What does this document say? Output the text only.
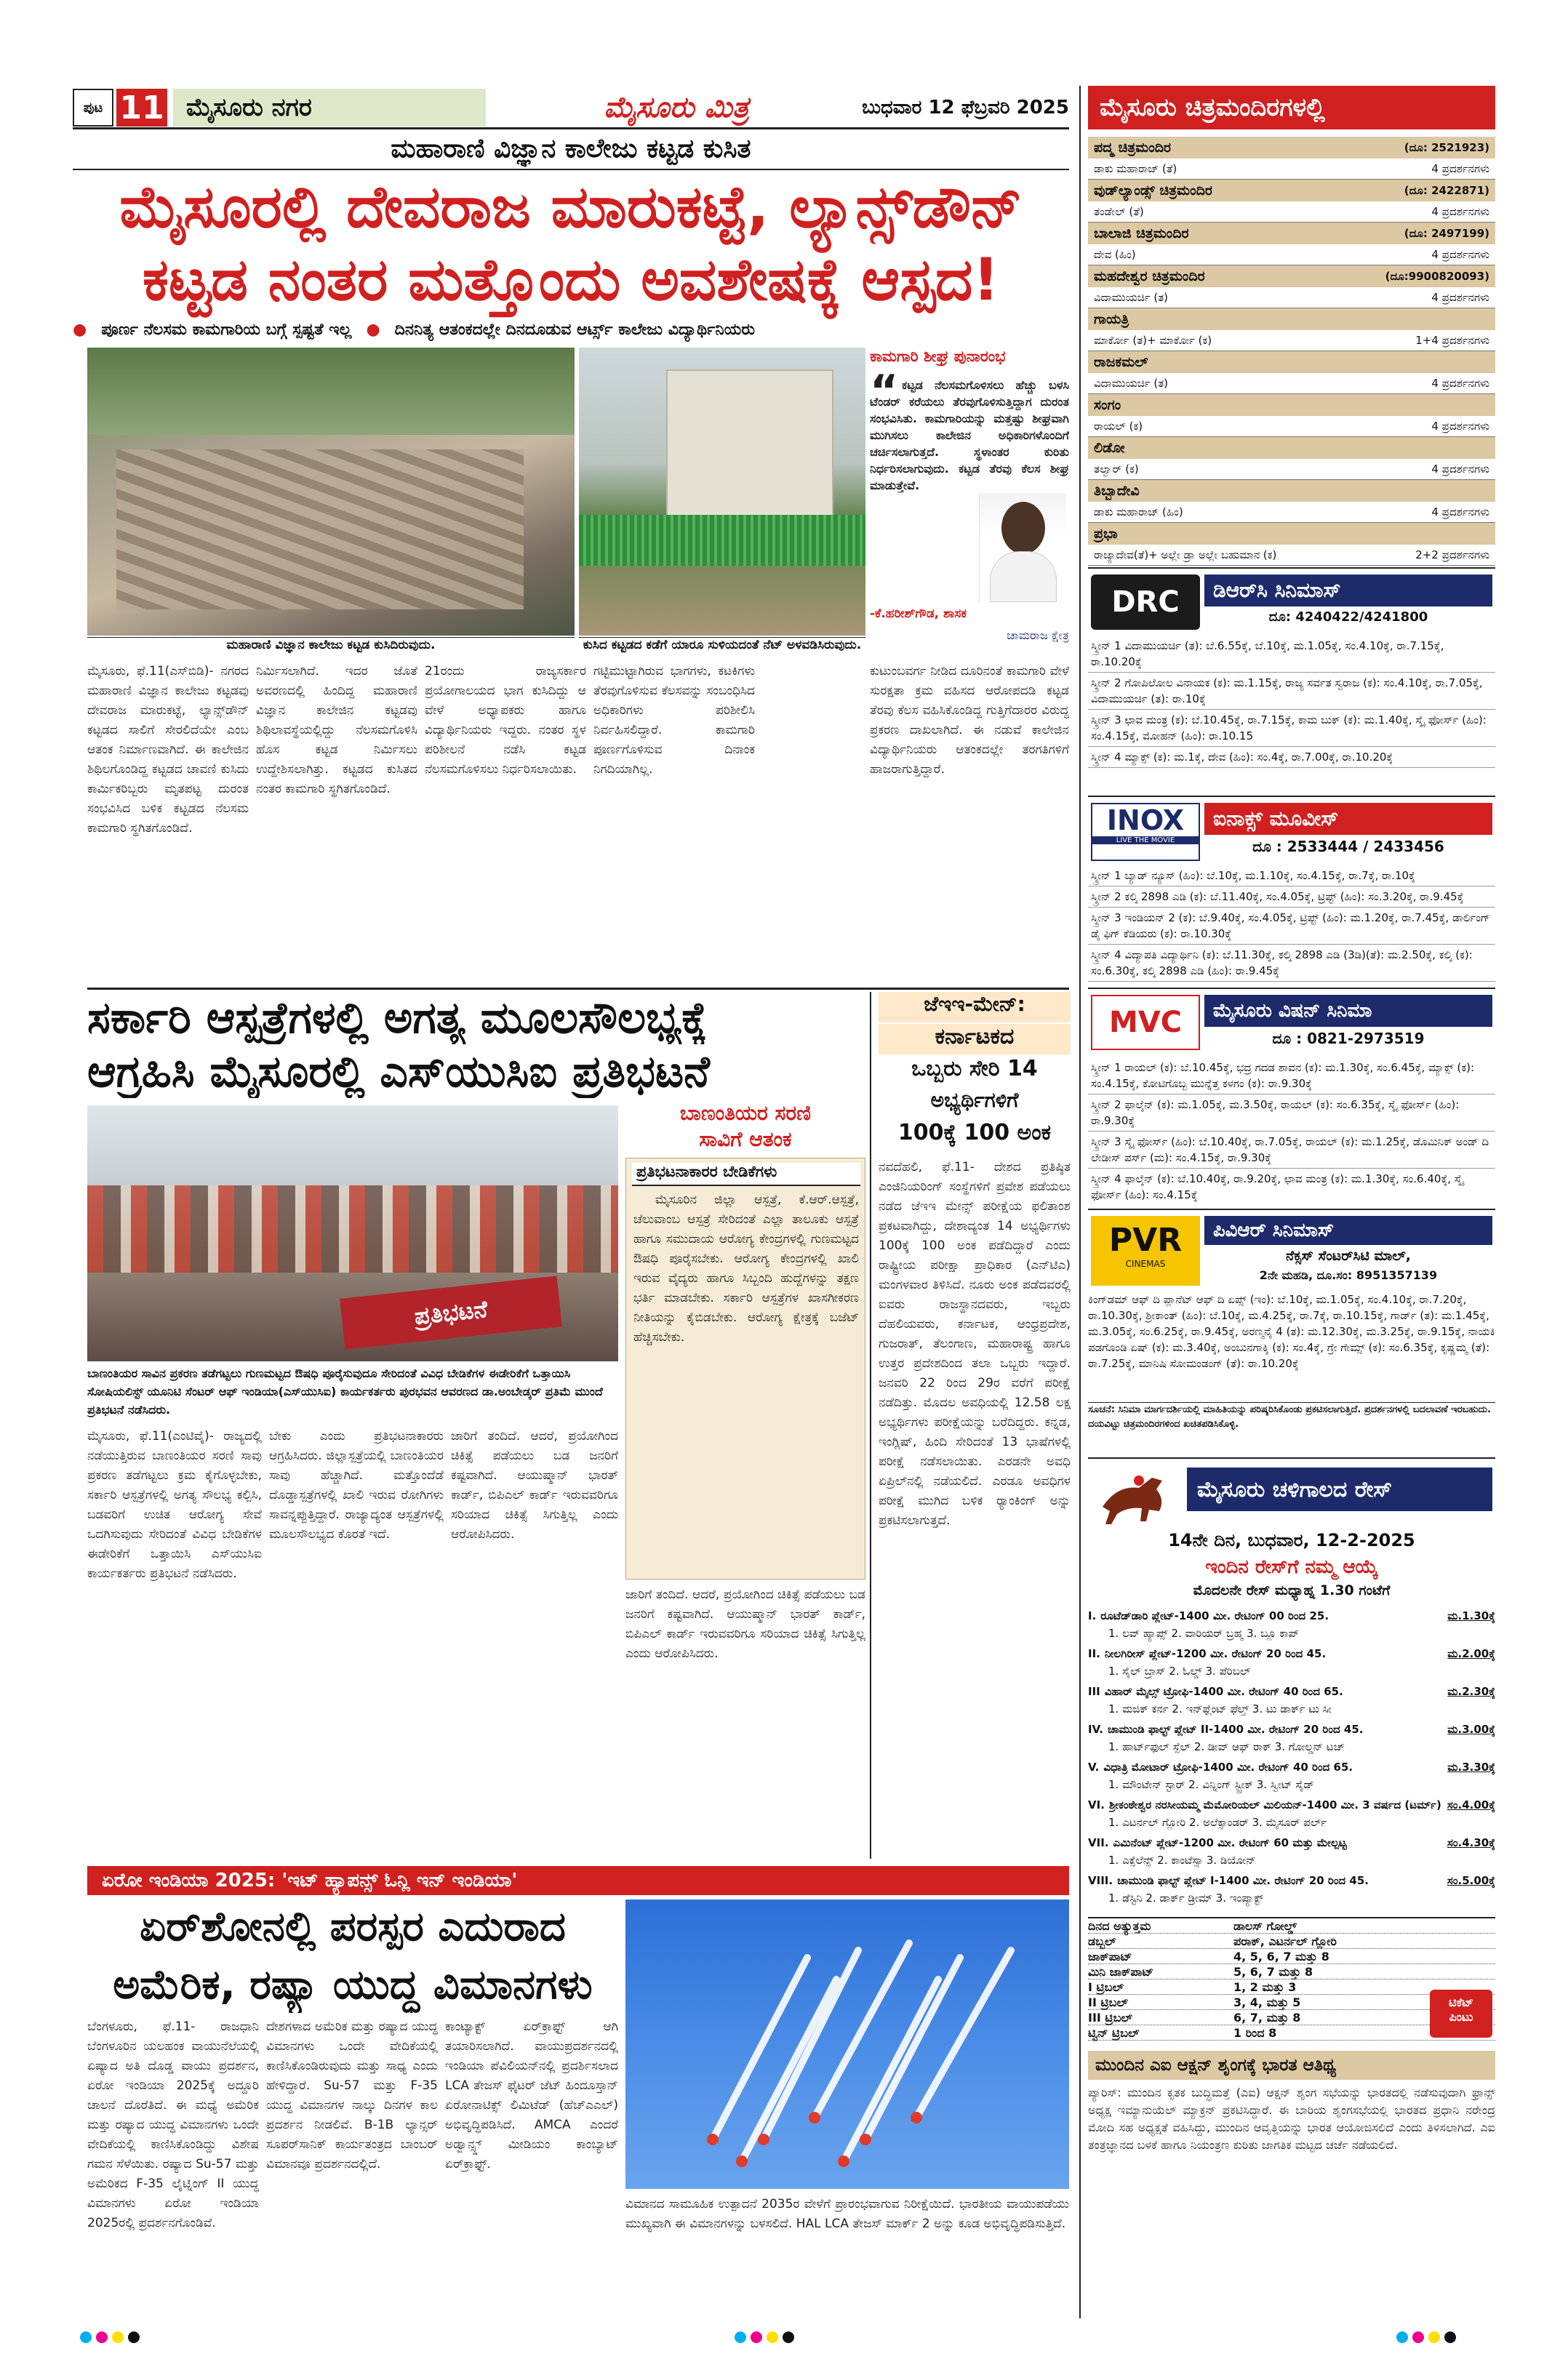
ಪುಟ 11 ಮೈಸೂರು ನಗರ	ಮೈಸೂರು ಮಿತ್ರ	ಬುಧವಾರ 12 ಫೆಬ್ರವರಿ 2025
ಮಹಾರಾಣಿ ವಿಜ್ಞಾನ ಕಾಲೇಜು ಕಟ್ಟಡ ಕುಸಿತ
ಮೈಸೂರಲ್ಲಿ ದೇವರಾಜ ಮಾರುಕಟ್ಟೆ, ಲ್ಯಾನ್ಸ್‌ಡೌನ್
ಕಟ್ಟಡ ನಂತರ ಮತ್ತೊಂದು ಅವಶೇಷಕ್ಕೆ ಆಸ್ಪದ!
● ಪೂರ್ಣ ನೆಲಸಮ ಕಾಮಗಾರಿಯ ಬಗ್ಗೆ ಸ್ಪಷ್ಟತೆ ಇಲ್ಲ ● ದಿನನಿತ್ಯ ಆತಂಕದಲ್ಲೇ ದಿನದೂಡುವ ಆರ್ಟ್ಸ್ ಕಾಲೇಜು ವಿದ್ಯಾರ್ಥಿನಿಯರು
ಮಹಾರಾಣಿ ವಿಜ್ಞಾನ ಕಾಲೇಜು ಕಟ್ಟಡ ಕುಸಿದಿರುವುದು.	ಕುಸಿದ ಕಟ್ಟಡದ ಕಡೆಗೆ ಯಾರೂ ಸುಳಿಯದಂತೆ ನೆಟ್ ಅಳವಡಿಸಿರುವುದು.
ಕಾಮಗಾರಿ ಶೀಘ್ರ ಪುನಾರಂಭ
“ ಕಟ್ಟಡ ನೆಲಸಮಗೊಳಿಸಲು ಹೆಚ್ಚು ಬಳಸಿ ಟೆಂಡರ್ ಕರೆಯಲು ತೆರವುಗೊಳಿಸುತ್ತಿದ್ದಾಗ ದುರಂತ ಸಂಭವಿಸಿತು. ಕಾಮಗಾರಿಯನ್ನು ಮತ್ತಷ್ಟು ಶೀಘ್ರವಾಗಿ ಮುಗಿಸಲು ಕಾಲೇಜಿನ ಅಧಿಕಾರಿಗಳೊಂದಿಗೆ ಚರ್ಚಿಸಲಾಗುತ್ತದೆ. ಸ್ಥಳಾಂತರ ಕುರಿತು ನಿರ್ಧರಿಸಲಾಗುವುದು. ಕಟ್ಟಡ ತೆರವು ಕೆಲಸ ಶೀಘ್ರ ಮಾಡುತ್ತೇವೆ.

-ಕೆ.ಹರೀಶ್‌ಗೌಡ, ಶಾಸಕ
ಚಾಮರಾಜ ಕ್ಷೇತ್ರ

ಮೈಸೂರು, ಫೆ.11(ಎಸ್‌ಬಿಡಿ)- ನಗರದ ಮಹಾರಾಣಿ ವಿಜ್ಞಾನ ಕಾಲೇಜು ಕಟ್ಟಡವು ದೇವರಾಜ ಮಾರುಕಟ್ಟೆ, ಲ್ಯಾನ್ಸ್‌ಡೌನ್ ಕಟ್ಟಡದ ಸಾಲಿಗೆ ಸೇರಲಿದೆಯೇ ಎಂಬ ಆತಂಕ ನಿರ್ಮಾಣವಾಗಿದೆ. ಈ ಕಾಲೇಜಿನ ಶಿಥಿಲಗೊಂಡಿದ್ದ ಕಟ್ಟಡದ ಚಾವಣಿ ಕುಸಿದು ಕಾರ್ಮಿಕರಿಬ್ಬರು ಮೃತಪಟ್ಟ ದುರಂತ ಸಂಭವಿಸಿದ ಬಳಿಕ ಕಟ್ಟಡದ ನೆಲಸಮ ಕಾಮಗಾರಿ ಸ್ಥಗಿತಗೊಂಡಿದೆ.

ನಿರ್ಮಿಸಲಾಗಿದೆ. ಇದರ ಜೊತೆ ಅವರಣದಲ್ಲಿ ಹಿಂದಿದ್ದ ಮಹಾರಾಣಿ ವಿಜ್ಞಾನ ಕಾಲೇಜಿನ ಕಟ್ಟಡವು ಶಿಥಿಲಾವಸ್ಥೆಯಲ್ಲಿದ್ದು ನೆಲಸಮಗೊಳಿಸಿ ಹೊಸ ಕಟ್ಟಡ ನಿರ್ಮಿಸಲು ಉದ್ದೇಶಿಸಲಾಗಿತ್ತು. ಕಟ್ಟಡದ ಕುಸಿತದ ನಂತರ ಕಾಮಗಾರಿ ಸ್ಥಗಿತಗೊಂಡಿದೆ.

21ರಂದು ರಾಜ್ಯಸರ್ಕಾರ ಪ್ರಯೋಗಾಲಯದ ಭಾಗ ಕುಸಿದಿದ್ದು ಆ ವೇಳೆ ಅಧ್ಯಾಪಕರು ಹಾಗೂ ವಿದ್ಯಾರ್ಥಿನಿಯರು ಇದ್ದರು. ನಂತರ ಸ್ಥಳ ಪರಿಶೀಲನೆ ನಡೆಸಿ ಕಟ್ಟಡ ನೆಲಸಮಗೊಳಿಸಲು ನಿರ್ಧರಿಸಲಾಯಿತು.

ಗಟ್ಟಿಮುಟ್ಟಾಗಿರುವ ಭಾಗಗಳು, ಕಟಕಿಗಳು ತೆರವುಗೊಳಿಸುವ ಕೆಲಸವನ್ನು ಸಂಬಂಧಿಸಿದ ಅಧಿಕಾರಿಗಳು ಪರಿಶೀಲಿಸಿ ನಿರ್ವಹಿಸಲಿದ್ದಾರೆ. ಕಾಮಗಾರಿ ಪೂರ್ಣಗೊಳಿಸುವ ದಿನಾಂಕ ನಿಗದಿಯಾಗಿಲ್ಲ.

ಕುಟುಂಬವರ್ಗ ನೀಡಿದ ದೂರಿನಂತೆ ಕಾಮಗಾರಿ ವೇಳೆ ಸುರಕ್ಷತಾ ಕ್ರಮ ವಹಿಸದ ಆರೋಪದಡಿ ಕಟ್ಟಡ ತೆರವು ಕೆಲಸ ವಹಿಸಿಕೊಂಡಿದ್ದ ಗುತ್ತಿಗೆದಾರರ ವಿರುದ್ಧ ಪ್ರಕರಣ ದಾಖಲಾಗಿದೆ. ಈ ನಡುವೆ ಕಾಲೇಜಿನ ವಿದ್ಯಾರ್ಥಿನಿಯರು ಆತಂಕದಲ್ಲೇ ತರಗತಿಗಳಿಗೆ ಹಾಜರಾಗುತ್ತಿದ್ದಾರೆ.

ಸರ್ಕಾರಿ ಆಸ್ಪತ್ರೆಗಳಲ್ಲಿ ಅಗತ್ಯ ಮೂಲಸೌಲಭ್ಯಕ್ಕೆ
ಆಗ್ರಹಿಸಿ ಮೈಸೂರಲ್ಲಿ ಎಸ್‌ಯುಸಿಐ ಪ್ರತಿಭಟನೆ
ಬಾಣಂತಿಯರ ಸರಣಿ
ಸಾವಿಗೆ ಆತಂಕ
ಪ್ರತಿಭಟನೆ

ಬಾಣಂತಿಯರ ಸಾವಿನ ಪ್ರಕರಣ ತಡೆಗಟ್ಟಲು ಗುಣಮಟ್ಟದ ಔಷಧಿ ಪೂರೈಸುವುದೂ ಸೇರಿದಂತೆ ವಿವಿಧ ಬೇಡಿಕೆಗಳ ಈಡೇರಿಕೆಗೆ ಒತ್ತಾಯಿಸಿ ಸೋಷಿಯಲಿಸ್ಟ್ ಯೂನಿಟಿ ಸೆಂಟರ್ ಆಫ್ ಇಂಡಿಯಾ(ಎಸ್‌ಯುಸಿಐ) ಕಾರ್ಯಕರ್ತರು ಪುರಭವನ ಆವರಣದ ಡಾ.ಅಂಬೇಡ್ಕರ್ ಪ್ರತಿಮೆ ಮುಂದೆ ಪ್ರತಿಭಟನೆ ನಡೆಸಿದರು.

ಪ್ರತಿಭಟನಾಕಾರರ ಬೇಡಿಕೆಗಳು

ಮೈಸೂರಿನ ಜಿಲ್ಲಾ ಆಸ್ಪತ್ರೆ, ಕೆ.ಆರ್.ಆಸ್ಪತ್ರೆ, ಚೆಲುವಾಂಬ ಆಸ್ಪತ್ರೆ ಸೇರಿದಂತೆ ಎಲ್ಲಾ ತಾಲೂಕು ಆಸ್ಪತ್ರೆ ಹಾಗೂ ಸಮುದಾಯ ಆರೋಗ್ಯ ಕೇಂದ್ರಗಳಲ್ಲಿ ಗುಣಮಟ್ಟದ ಔಷಧಿ ಪೂರೈಸಬೇಕು. ಆರೋಗ್ಯ ಕೇಂದ್ರಗಳಲ್ಲಿ ಖಾಲಿ ಇರುವ ವೈದ್ಯರು ಹಾಗೂ ಸಿಬ್ಬಂದಿ ಹುದ್ದೆಗಳನ್ನು ತಕ್ಷಣ ಭರ್ತಿ ಮಾಡಬೇಕು. ಸರ್ಕಾರಿ ಆಸ್ಪತ್ರೆಗಳ ಖಾಸಗೀಕರಣ ನೀತಿಯನ್ನು ಕೈಬಿಡಬೇಕು. ಆರೋಗ್ಯ ಕ್ಷೇತ್ರಕ್ಕೆ ಬಜೆಟ್ ಹೆಚ್ಚಿಸಬೇಕು.

ಮೈಸೂರು, ಫೆ.11(ಎಂಟಿವೈ)- ರಾಜ್ಯದಲ್ಲಿ ನಡೆಯುತ್ತಿರುವ ಬಾಣಂತಿಯರ ಸರಣಿ ಸಾವು ಪ್ರಕರಣ ತಡೆಗಟ್ಟಲು ಕ್ರಮ ಕೈಗೊಳ್ಳಬೇಕು, ಸರ್ಕಾರಿ ಆಸ್ಪತ್ರೆಗಳಲ್ಲಿ ಅಗತ್ಯ ಸೌಲಭ್ಯ ಕಲ್ಪಿಸಿ, ಬಡವರಿಗೆ ಉಚಿತ ಆರೋಗ್ಯ ಸೇವೆ ಒದಗಿಸುವುದು ಸೇರಿದಂತೆ ವಿವಿಧ ಬೇಡಿಕೆಗಳ ಈಡೇರಿಕೆಗೆ ಒತ್ತಾಯಿಸಿ ಎಸ್‌ಯುಸಿಐ ಕಾರ್ಯಕರ್ತರು ಪ್ರತಿಭಟನೆ ನಡೆಸಿದರು.

ಬೇಕು ಎಂದು ಪ್ರತಿಭಟನಾಕಾರರು ಆಗ್ರಹಿಸಿದರು. ಜಿಲ್ಲಾಸ್ಪತ್ರೆಯಲ್ಲಿ ಬಾಣಂತಿಯರ ಸಾವು ಹೆಚ್ಚಾಗಿದೆ. ಮತ್ತೊಂದೆಡೆ ದೊಡ್ಡಾಸ್ಪತ್ರೆಗಳಲ್ಲಿ ಖಾಲಿ ಇರುವ ರೋಗಿಗಳು ಸಾವನ್ನಪ್ಪುತ್ತಿದ್ದಾರೆ. ರಾಜ್ಯಾದ್ಯಂತ ಆಸ್ಪತ್ರೆಗಳಲ್ಲಿ ಮೂಲಸೌಲಭ್ಯದ ಕೊರತೆ ಇದೆ.

ಜಾರಿಗೆ ತಂದಿದೆ. ಆದರೆ, ಪ್ರಯೋಗಿಂದ ಚಿಕಿತ್ಸೆ ಪಡೆಯಲು ಬಡ ಜನರಿಗೆ ಕಷ್ಟವಾಗಿದೆ. ಆಯುಷ್ಮಾನ್ ಭಾರತ್ ಕಾರ್ಡ್, ಬಿಪಿಎಲ್ ಕಾರ್ಡ್ ಇರುವವರಿಗೂ ಸರಿಯಾದ ಚಿಕಿತ್ಸೆ ಸಿಗುತ್ತಿಲ್ಲ ಎಂದು ಆರೋಪಿಸಿದರು.

ಜಾರಿಗೆ ತಂದಿದೆ. ಆದರೆ, ಪ್ರಯೋಗಿಂದ ಚಿಕಿತ್ಸೆ ಪಡೆಯಲು ಬಡ ಜನರಿಗೆ ಕಷ್ಟವಾಗಿದೆ. ಆಯುಷ್ಮಾನ್ ಭಾರತ್ ಕಾರ್ಡ್, ಬಿಪಿಎಲ್ ಕಾರ್ಡ್ ಇರುವವರಿಗೂ ಸರಿಯಾದ ಚಿಕಿತ್ಸೆ ಸಿಗುತ್ತಿಲ್ಲ ಎಂದು ಆರೋಪಿಸಿದರು.

ಜೆಇಇ-ಮೇನ್:
ಕರ್ನಾಟಕದ
ಒಬ್ಬರು ಸೇರಿ 14
ಅಭ್ಯರ್ಥಿಗಳಿಗೆ
100ಕ್ಕೆ 100 ಅಂಕ

ನವದೆಹಲಿ, ಫೆ.11- ದೇಶದ ಪ್ರತಿಷ್ಠಿತ ಎಂಜಿನಿಯರಿಂಗ್ ಸಂಸ್ಥೆಗಳಿಗೆ ಪ್ರವೇಶ ಪಡೆಯಲು ನಡೆದ ಜೆಇಇ ಮೇನ್ಸ್ ಪರೀಕ್ಷೆಯ ಫಲಿತಾಂಶ ಪ್ರಕಟವಾಗಿದ್ದು, ದೇಶಾದ್ಯಂತ 14 ಅಭ್ಯರ್ಥಿಗಳು 100ಕ್ಕೆ 100 ಅಂಕ ಪಡೆದಿದ್ದಾರೆ ಎಂದು ರಾಷ್ಟ್ರೀಯ ಪರೀಕ್ಷಾ ಪ್ರಾಧಿಕಾರ (ಎನ್‌ಟಿಎ) ಮಂಗಳವಾರ ತಿಳಿಸಿದೆ. ನೂರು ಅಂಕ ಪಡೆದವರಲ್ಲಿ ಐವರು ರಾಜಸ್ಥಾನದವರು, ಇಬ್ಬರು ದೆಹಲಿಯವರು, ಕರ್ನಾಟಕ, ಆಂಧ್ರಪ್ರದೇಶ, ಗುಜರಾತ್, ತೆಲಂಗಾಣ, ಮಹಾರಾಷ್ಟ್ರ ಹಾಗೂ ಉತ್ತರ ಪ್ರದೇಶದಿಂದ ತಲಾ ಒಬ್ಬರು ಇದ್ದಾರೆ. ಜನವರಿ 22 ರಿಂದ 29ರ ವರೆಗೆ ಪರೀಕ್ಷೆ ನಡೆದಿತ್ತು. ಮೊದಲ ಅವಧಿಯಲ್ಲಿ 12.58 ಲಕ್ಷ ಅಭ್ಯರ್ಥಿಗಳು ಪರೀಕ್ಷೆಯನ್ನು ಬರೆದಿದ್ದರು. ಕನ್ನಡ, ಇಂಗ್ಲಿಷ್, ಹಿಂದಿ ಸೇರಿದಂತೆ 13 ಭಾಷೆಗಳಲ್ಲಿ ಪರೀಕ್ಷೆ ನಡೆಸಲಾಯಿತು. ಎರಡನೇ ಅವಧಿ ಏಪ್ರಿಲ್‌ನಲ್ಲಿ ನಡೆಯಲಿದೆ. ಎರಡೂ ಅವಧಿಗಳ ಪರೀಕ್ಷೆ ಮುಗಿದ ಬಳಿಕ ರ್‍ಯಾಂಕಿಂಗ್ ಅನ್ನು ಪ್ರಕಟಿಸಲಾಗುತ್ತದೆ.

ಏರೋ ಇಂಡಿಯಾ 2025: 'ಇಟ್ ಹ್ಯಾಪನ್ಸ್ ಓನ್ಲಿ ಇನ್ ಇಂಡಿಯಾ'
ಏರ್‌ಶೋನಲ್ಲಿ ಪರಸ್ಪರ ಎದುರಾದ
ಅಮೆರಿಕ, ರಷ್ಯಾ ಯುದ್ಧ ವಿಮಾನಗಳು

ಬೆಂಗಳೂರು, ಫೆ.11- ರಾಜಧಾನಿ ಬೆಂಗಳೂರಿನ ಯಲಹಂಕ ವಾಯುನೆಲೆಯಲ್ಲಿ ಏಷ್ಯಾದ ಅತಿ ದೊಡ್ಡ ವಾಯು ಪ್ರದರ್ಶನ, ಏರೋ ಇಂಡಿಯಾ 2025ಕ್ಕೆ ಅದ್ದೂರಿ ಚಾಲನೆ ದೊರೆತಿದೆ. ಈ ಮಧ್ಯೆ ಅಮೆರಿಕ ಮತ್ತು ರಷ್ಯಾದ ಯುದ್ಧ ವಿಮಾನಗಳು ಒಂದೇ ವೇದಿಕೆಯಲ್ಲಿ ಕಾಣಿಸಿಕೊಂಡಿದ್ದು ವಿಶೇಷ ಗಮನ ಸೆಳೆಯಿತು. ರಷ್ಯಾದ Su-57 ಮತ್ತು ಅಮೆರಿಕದ F-35 ಲೈಟ್ನಿಂಗ್ II ಯುದ್ಧ ವಿಮಾನಗಳು ಏರೋ ಇಂಡಿಯಾ 2025ರಲ್ಲಿ ಪ್ರದರ್ಶನಗೊಂಡಿವೆ.

ದೇಶಗಳಾದ ಅಮೆರಿಕ ಮತ್ತು ರಷ್ಯಾದ ಯುದ್ಧ ವಿಮಾನಗಳು ಒಂದೇ ವೇದಿಕೆಯಲ್ಲಿ ಕಾಣಿಸಿಕೊಂಡಿರುವುದು ಮತ್ತು ಸಾಧ್ಯ ಎಂದು ಹೇಳಿದ್ದಾರೆ. Su-57 ಮತ್ತು F-35 ಯುದ್ಧ ವಿಮಾನಗಳ ನಾಲ್ಕು ದಿನಗಳ ಕಾಲ ಪ್ರದರ್ಶನ ನೀಡಲಿವೆ. B-1B ಲ್ಯಾನ್ಸರ್ ಸೂಪರ್‌ಸಾನಿಕ್ ಕಾರ್ಯತಂತ್ರದ ಬಾಂಬರ್ ವಿಮಾನವೂ ಪ್ರದರ್ಶನದಲ್ಲಿದೆ.

ಕಾಂಟ್ಯಾಕ್ಟ್ ಏರ್‌ಕ್ರಾಫ್ಟ್ ಆಗಿ ತಯಾರಿಸಲಾಗಿದೆ. ವಾಯುಪ್ರದರ್ಶನದಲ್ಲಿ ಇಂಡಿಯಾ ಪೆವಿಲಿಯನ್‌ನಲ್ಲಿ ಪ್ರದರ್ಶಿಸಲಾದ LCA ತೇಜಸ್ ಫೈಟರ್ ಜೆಟ್ ಹಿಂದೂಸ್ತಾನ್ ಏರೋನಾಟಿಕ್ಸ್ ಲಿಮಿಟೆಡ್ (ಹೆಚ್‌ಎಎಲ್) ಅಭಿವೃದ್ಧಿಪಡಿಸಿದೆ. AMCA ಎಂದರೆ ಅಡ್ವಾನ್ಸ್ಡ್ ಮೀಡಿಯಂ ಕಾಂಬ್ಯಾಟ್ ಏರ್‌ಕ್ರಾಫ್ಟ್.

ವಿಮಾನದ ಸಾಮೂಹಿಕ ಉತ್ಪಾದನೆ 2035ರ ವೇಳೆಗೆ ಪ್ರಾರಂಭವಾಗುವ ನಿರೀಕ್ಷೆಯಿದೆ. ಭಾರತೀಯ ವಾಯುಪಡೆಯು ಮುಖ್ಯವಾಗಿ ಈ ವಿಮಾನಗಳನ್ನು ಬಳಸಲಿದೆ. HAL LCA ತೇಜಸ್ ಮಾರ್ಕ್ 2 ಅನ್ನು ಕೂಡ ಅಭಿವೃದ್ಧಿಪಡಿಸುತ್ತಿದೆ.

ಮೈಸೂರು ಚಿತ್ರಮಂದಿರಗಳಲ್ಲಿ
ಪದ್ಮ ಚಿತ್ರಮಂದಿರ	(ದೂ: 2521923)
ಡಾಕು ಮಹಾರಾಜ್ (ತೆ)	4 ಪ್ರದರ್ಶನಗಳು
ವುಡ್‌ಲ್ಯಾಂಡ್ಸ್ ಚಿತ್ರಮಂದಿರ	(ದೂ: 2422871)
ತಂಡೇಲ್ (ತೆ)	4 ಪ್ರದರ್ಶನಗಳು
ಬಾಲಾಜಿ ಚಿತ್ರಮಂದಿರ	(ದೂ: 2497199)
ದೇವ (ಹಿಂ)	4 ಪ್ರದರ್ಶನಗಳು
ಮಹದೇಶ್ವರ ಚಿತ್ರಮಂದಿರ	(ದೂ:9900820093)
ವಿದಾಮುಯರ್ಚಿ (ತ)	4 ಪ್ರದರ್ಶನಗಳು
ಗಾಯತ್ರಿ
ಮಾರ್ಕೋ (ತ)+ ಮಾರ್ಕೋ (ಕ)	1+4 ಪ್ರದರ್ಶನಗಳು
ರಾಜಕಮಲ್
ವಿದಾಮುಯರ್ಚಿ (ತ)	4 ಪ್ರದರ್ಶನಗಳು
ಸಂಗಂ
ರಾಯಲ್ (ಕ)	4 ಪ್ರದರ್ಶನಗಳು
ಲಿಡೋ
ತಲ್ವಾರ್ (ಕ)	4 ಪ್ರದರ್ಶನಗಳು
ತಿಬ್ಬಾದೇವಿ
ಡಾಕು ಮಹಾರಾಜ್ (ಹಿಂ)	4 ಪ್ರದರ್ಶನಗಳು
ಪ್ರಭಾ
ರಾಜ್ಯಾದೇವ(ತೆ)+ ಅಲ್ಲೇ ಡ್ರಾ ಅಲ್ಲೇ ಬಹುಮಾನ (ಕ)	2+2 ಪ್ರದರ್ಶನಗಳು
DRC	ಡಿಆರ್‌ಸಿ ಸಿನಿಮಾಸ್
ದೂ: 4240422/4241800
ಸ್ಕ್ರೀನ್ 1 ವಿದಾಮುಯರ್ಚಿ (ತ): ಬೆ.6.55ಕ್ಕೆ, ಬೆ.10ಕ್ಕೆ, ಮ.1.05ಕ್ಕೆ, ಸಂ.4.10ಕ್ಕೆ, ರಾ.7.15ಕ್ಕೆ, ರಾ.10.20ಕ್ಕೆ
ಸ್ಕ್ರೀನ್ 2 ಗೋಪಿಲೋಲ ವಿನಾಯಕ (ಕ): ಮ.1.15ಕ್ಕೆ, ರಾಜ್ಯ ಸರ್ವತ ಸ್ವರಾಜ (ಕ): ಸಂ.4.10ಕ್ಕೆ, ರಾ.7.05ಕ್ಕೆ, ವಿದಾಮುಯರ್ಚಿ (ತ): ರಾ.10ಕ್ಕೆ
ಸ್ಕ್ರೀನ್ 3 ಛಾವ ಮಂತ್ರ (ಕ): ಬೆ.10.45ಕ್ಕೆ, ರಾ.7.15ಕ್ಕೆ, ಕಾಮ ಬುಕ್ (ಕ): ಮ.1.40ಕ್ಕೆ, ಸ್ಕೈ ಫೋರ್ಸ್ (ಹಿಂ): ಸಂ.4.15ಕ್ಕೆ, ಮೋಹನ್ (ಹಿಂ): ರಾ.10.15
ಸ್ಕ್ರೀನ್ 4 ಮ್ಯಾಕ್ಸ್ (ಕ): ಮ.1ಕ್ಕೆ, ದೇವ (ಹಿಂ): ಸಂ.4ಕ್ಕೆ, ರಾ.7.00ಕ್ಕೆ, ರಾ.10.20ಕ್ಕೆ
INOX
LIVE THE MOVIE
ಐನಾಕ್ಸ್ ಮೂವೀಸ್
ದೂ : 2533444 / 2433456
ಸ್ಕ್ರೀನ್ 1 ಬ್ಯಾಡ್ ನ್ಯೂಸ್ (ಹಿಂ): ಬೆ.10ಕ್ಕೆ, ಮ.1.10ಕ್ಕೆ, ಸಂ.4.15ಕ್ಕೆ, ರಾ.7ಕ್ಕೆ, ರಾ.10ಕ್ಕೆ
ಸ್ಕ್ರೀನ್ 2 ಕಲ್ಕಿ 2898 ಎಡಿ (ಕ): ಬೆ.11.40ಕ್ಕೆ, ಸಂ.4.05ಕ್ಕೆ, ಟ್ರಿಪ್ಟ್ (ಹಿಂ): ಸಂ.3.20ಕ್ಕೆ, ರಾ.9.45ಕ್ಕೆ
ಸ್ಕ್ರೀನ್ 3 ಇಂಡಿಯನ್ 2 (ಕ): ಬೆ.9.40ಕ್ಕೆ, ಸಂ.4.05ಕ್ಕೆ, ಟ್ರಿಪ್ಟ್ (ಹಿಂ): ಮ.1.20ಕ್ಕೆ, ರಾ.7.45ಕ್ಕೆ, ಡಾರ್ಲಿಂಗ್ ಡೈ ಫಿಗ್ ಕೆಡಿಯರು (ಕ): ರಾ.10.30ಕ್ಕೆ
ಸ್ಕ್ರೀನ್ 4 ವಿದ್ಯಾಪತಿ ವಿದ್ಯಾರ್ಥಿನಿ (ಕ): ಬೆ.11.30ಕ್ಕೆ, ಕಲ್ಕಿ 2898 ಎಡಿ (3ಡಿ)(ತೆ): ಮ.2.50ಕ್ಕೆ, ಕಲ್ಕಿ (ಕ): ಸಂ.6.30ಕ್ಕೆ, ಕಲ್ಕಿ 2898 ಎಡಿ (ಹಿಂ): ರಾ.9.45ಕ್ಕೆ
MVC	ಮೈಸೂರು ವಿಷನ್ ಸಿನಿಮಾ
ದೂ : 0821-2973519
ಸ್ಕ್ರೀನ್ 1 ರಾಯಲ್ (ಕ): ಬೆ.10.45ಕ್ಕೆ, ಭದ್ರ ಗದಡ ಶಾವನ (ಕ): ಮ.1.30ಕ್ಕೆ, ಸಂ.6.45ಕ್ಕೆ, ಮ್ಯಾಕ್ಸ್ (ಕ): ಸಂ.4.15ಕ್ಕೆ, ಕೋಟಿಗೊಬ್ಬ ಮುನ್ನೆತ್ತ ಕಳಗಂ (ಕ): ರಾ.9.30ಕ್ಕೆ
ಸ್ಕ್ರೀನ್ 2 ಫಾಲ್ಕೆನ್ (ಕ): ಮ.1.05ಕ್ಕೆ, ಮ.3.50ಕ್ಕೆ, ರಾಯಲ್ (ಕ): ಸಂ.6.35ಕ್ಕೆ, ಸ್ಕೈ ಫೋರ್ಸ್ (ಹಿಂ): ರಾ.9.30ಕ್ಕೆ
ಸ್ಕ್ರೀನ್ 3 ಸ್ಕೈ ಫೋರ್ಸ್ (ಹಿಂ): ಬೆ.10.40ಕ್ಕೆ, ರಾ.7.05ಕ್ಕೆ, ರಾಯಲ್ (ಕ): ಮ.1.25ಕ್ಕೆ, ಡೊಮಿನಿಕ್ ಅಂಡ್ ದಿ ಲೇಡೀಸ್ ಪರ್ಸ್ (ಮ): ಸಂ.4.15ಕ್ಕೆ, ರಾ.9.30ಕ್ಕೆ
ಸ್ಕ್ರೀನ್ 4 ಫಾಲ್ಕೆನ್ (ಕ): ಬೆ.10.40ಕ್ಕೆ, ರಾ.9.20ಕ್ಕೆ, ಛಾವ ಮಂತ್ರ (ಕ): ಮ.1.30ಕ್ಕೆ, ಸಂ.6.40ಕ್ಕೆ, ಸ್ಕೈ ಫೋರ್ಸ್ (ಹಿಂ): ಸಂ.4.15ಕ್ಕೆ
PVR
CINEMAS
ಪಿವಿಆರ್ ಸಿನಿಮಾಸ್
ನೆಕ್ಸಸ್ ಸೆಂಟರ್‌ಸಿಟಿ ಮಾಲ್,
2ನೇ ಮಹಡಿ, ದೂ.ಸಂ: 8951357139

ಕಿಂಗ್‌ಡಮ್ ಆಫ್ ದಿ ಪ್ಲಾನೆಟ್ ಆಫ್ ದಿ ಏಪ್ಸ್ (ಇಂ): ಬೆ.10ಕ್ಕೆ, ಮ.1.05ಕ್ಕೆ, ಸಂ.4.10ಕ್ಕೆ, ರಾ.7.20ಕ್ಕೆ, ರಾ.10.30ಕ್ಕೆ, ಶ್ರೀಕಾಂತ್ (ಹಿಂ): ಬೆ.10ಕ್ಕೆ, ಮ.4.25ಕ್ಕೆ, ರಾ.7ಕ್ಕೆ, ರಾ.10.15ಕ್ಕೆ, ಗಾರ್ಡ್ (ತ): ಮ.1.45ಕ್ಕೆ, ಮ.3.05ಕ್ಕೆ, ಸಂ.6.25ಕ್ಕೆ, ರಾ.9.45ಕ್ಕೆ, ಅರಣ್ಮನೈ 4 (ತ): ಮ.12.30ಕ್ಕೆ, ಮ.3.25ಕ್ಕೆ, ರಾ.9.15ಕ್ಕೆ, ನಾಯಕಿ ಪಡಗೊಂಡಿ ಏಷ್ (ಕ): ಮ.3.40ಕ್ಕೆ, ಅಂಬುನಗಾಕ್ಕಿ (ಕ): ಸಂ.4ಕ್ಕೆ, ಗ್ರೇ ಗೇಮ್ಸ್ (ಕ): ಸಂ.6.35ಕ್ಕೆ, ಕೃಷ್ಣಮ್ಮ (ತೆ): ರಾ.7.25ಕ್ಕೆ, ಮಾನಿಷಿ ಸೋಮಂಡಂಗ್ (ತೆ): ರಾ.10.20ಕ್ಕೆ

ಸೂಚನೆ: ಸಿನಿಮಾ ಮಾರ್ಗದರ್ಶಿಯಲ್ಲಿ ಮಾಹಿತಿಯನ್ನು ಪರಿಷ್ಕರಿಸಿಕೊಂಡು ಪ್ರಕಟಿಸಲಾಗುತ್ತಿದೆ. ಪ್ರದರ್ಶನಗಳಲ್ಲಿ ಬದಲಾವಣೆ ಇರಬಹುದು. ದಯವಿಟ್ಟು ಚಿತ್ರಮಂದಿರಗಳಿಂದ ಖಚಿತಪಡಿಸಿಕೊಳ್ಳಿ.

ಮೈಸೂರು ಚಳಿಗಾಲದ ರೇಸ್
14ನೇ ದಿನ, ಬುಧವಾರ, 12-2-2025
ಇಂದಿನ ರೇಸ್‌ಗೆ ನಮ್ಮ ಆಯ್ಕೆ
ಮೊದಲನೇ ರೇಸ್ ಮಧ್ಯಾಹ್ನ 1.30 ಗಂಟೆಗೆ
I. ರೂಟೆಡ್‌ಡಾರಿ ಪ್ಲೇಟ್-1400 ಮೀ. ರೇಟಿಂಗ್ 00 ರಿಂದ 25.	ಮ.1.30ಕ್ಕೆ
1. ಲವ್‌ ಹ್ಯಾಪ್ಸ್‌ 2. ವಾರಿಯರ್ ಬ್ರಹ್ಮ 3. ಬ್ಲೂ ಕಾಪ್
II. ನೀಲಗಿರೀಸ್ ಪ್ಲೇಟ್-1200 ಮೀ. ರೇಟಿಂಗ್ 20 ರಿಂದ 45.	ಮ.2.00ಕ್ಕೆ
1. ಸೈಲ್ ಬ್ರಾಸ್ 2. ಓಲ್ಡ್ 3. ಪೆರಿಬಲ್
III ವಿಹಾರ್ ಮೈಲ್ಸ್ ಟ್ರೋಫಿ-1400 ಮೀ. ರೇಟಿಂಗ್ 40 ರಿಂದ 65.	ಮ.2.30ಕ್ಕೆ
1. ಮಜಿಕ್ ಕರ್ನ 2. ಇನ್‌ಫ್ಲೆಂಟ್ ಫೆಲ್ತ್ 3. ಟು ಡಾರ್ಕ್ ಟು ಸೀ
IV. ಚಾಮುಂಡಿ ಫಾಲ್ಟ್ ಪ್ಲೇಟ್ II-1400 ಮೀ. ರೇಟಿಂಗ್ 20 ರಿಂದ 45.	ಮ.3.00ಕ್ಕೆ
1. ಹಾರ್ಟ್‌ಫುಲ್ ಸ್ಪೆಲ್ 2. ಡೀವ್ ಆಫ್ ರಾಕ್ 3. ಗೋಲ್ಡನ್ ಟಚ್
V. ವಿಧಾತ್ರಿ ಮೋಟಾರ್ ಟ್ರೋಫಿ-1400 ಮೀ. ರೇಟಿಂಗ್ 40 ರಿಂದ 65.	ಮ.3.30ಕ್ಕೆ
1. ಮೌಂಟೇನ್ ಸ್ಟಾರ್ 2. ವಿನ್ನಿಂಗ್ ಸ್ಟ್ರೀಕ್ 3. ಸ್ವೀಟ್ ಸೈಡ್
VI. ಶ್ರೀಕಂಠೇಶ್ವರ ನರಸೀಯಮ್ಮ ಮೆಮೋರಿಯಲ್ ಮಿಲಿಯನ್-1400 ಮೀ. 3 ವರ್ಷದ (ಟರ್ಮ್) ಸಂ.4.00ಕ್ಕೆ
1. ಎಟರ್ನಲ್ ಗ್ಲೋರಿ 2. ಅಲೆಕ್ಸಾಂಡರ್ 3. ಮೈಸೂರ್ ಪರ್ಲ್
VII. ಎಮಿನೆಂಟ್ ಪ್ಲೇಟ್-1200 ಮೀ. ರೇಟಿಂಗ್ 60 ಮತ್ತು ಮೇಲ್ಪಟ್ಟ	ಸಂ.4.30ಕ್ಕೆ
1. ಎಕ್ಸೆಲೆನ್ಸ್ 2. ಕಾಂಟೆಸ್ಸಾ 3. ಡಿಯೋನ್
VIII. ಚಾಮುಂಡಿ ಫಾಲ್ಟ್ ಪ್ಲೇಟ್ I-1400 ಮೀ. ರೇಟಿಂಗ್ 20 ರಿಂದ 45.	ಸಂ.5.00ಕ್ಕೆ
1. ಡೆಸ್ಟಿನಿ 2. ಡಾರ್ಕ್ ಡ್ರೀಮ್ 3. ಇಂಪ್ಯಾಕ್ಟ್
ದಿನದ ಅತ್ಯುತ್ತಮ	ಡಾಲಸ್ ಗೋಲ್ಡ್
ಡಬ್ಬಲ್	ಪರಾಕ್, ಎಟರ್ನಲ್ ಗ್ಲೋರಿ
ಜಾಕ್‌ಪಾಟ್	4, 5, 6, 7 ಮತ್ತು 8
ಮಿನಿ ಜಾಕ್‌ಪಾಟ್	5, 6, 7 ಮತ್ತು 8
I ಟ್ರಿಬಲ್	1, 2 ಮತ್ತು 3
II ಟ್ರಿಬಲ್	3, 4, ಮತ್ತು 5
III ಟ್ರಿಬಲ್	6, 7, ಮತ್ತು 8
ಟ್ವಿನ್ ಟ್ರಿಬಲ್	1 ರಿಂದ 8
ಟಿಕೆಟ್
ಪಿಂಟು
ಮುಂದಿನ ಎಐ ಆಕ್ಷನ್ ಶೃಂಗಕ್ಕೆ ಭಾರತ ಆತಿಥ್ಯ

ಪ್ಯಾರಿಸ್: ಮುಂದಿನ ಕೃತಕ ಬುದ್ಧಿಮತ್ತೆ (ಎಐ) ಆಕ್ಷನ್ ಶೃಂಗ ಸಭೆಯನ್ನು ಭಾರತದಲ್ಲಿ ನಡೆಸುವುದಾಗಿ ಫ್ರಾನ್ಸ್ ಅಧ್ಯಕ್ಷ ಇಮ್ಯಾನುಯೆಲ್ ಮ್ಯಾಕ್ರನ್ ಪ್ರಕಟಿಸಿದ್ದಾರೆ. ಈ ಬಾರಿಯ ಶೃಂಗಸಭೆಯಲ್ಲಿ ಭಾರತದ ಪ್ರಧಾನಿ ನರೇಂದ್ರ ಮೋದಿ ಸಹ ಅಧ್ಯಕ್ಷತೆ ವಹಿಸಿದ್ದು, ಮುಂದಿನ ಆವೃತ್ತಿಯನ್ನು ಭಾರತ ಆಯೋಜಿಸಲಿದೆ ಎಂದು ತಿಳಿಸಲಾಗಿದೆ. ಎಐ ತಂತ್ರಜ್ಞಾನದ ಬಳಕೆ ಹಾಗೂ ನಿಯಂತ್ರಣ ಕುರಿತು ಜಾಗತಿಕ ಮಟ್ಟದ ಚರ್ಚೆ ನಡೆಯಲಿದೆ.
